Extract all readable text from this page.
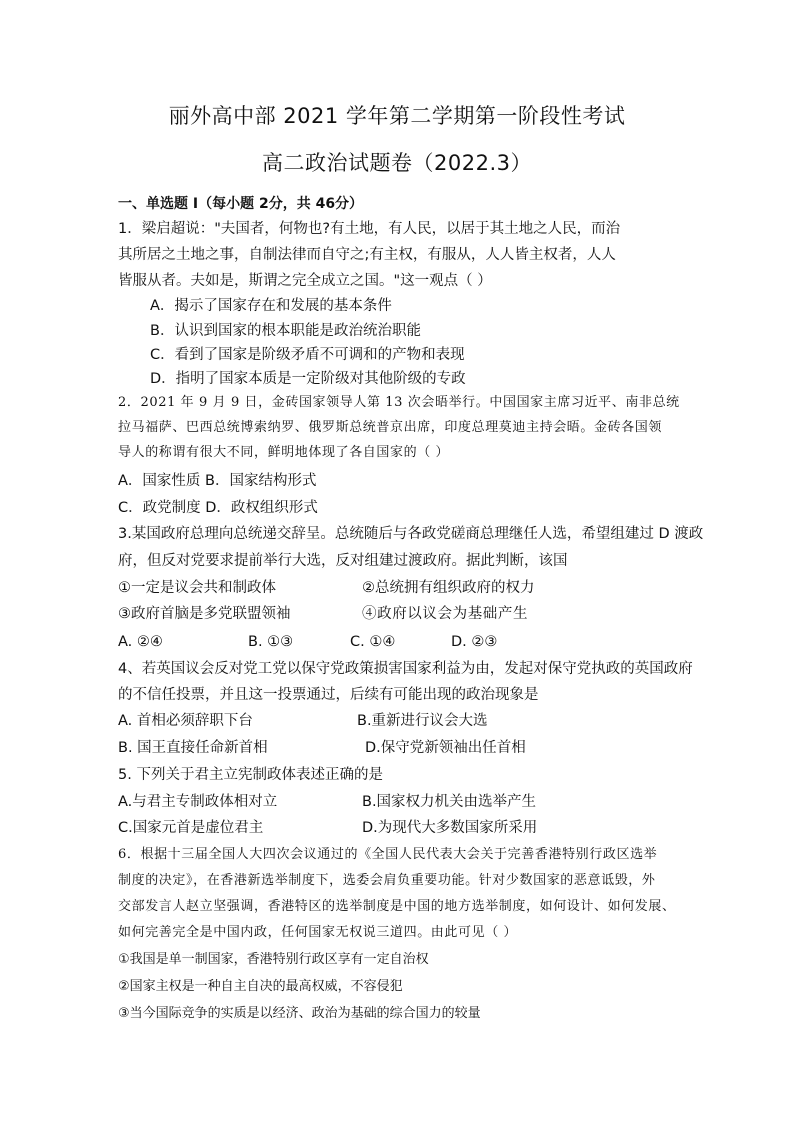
丽外高中部 2021 学年第二学期第一阶段性考试
高二政治试题卷（2022.3）
一、单选题 I（每小题 2分，共 46分）
1．梁启超说："夫国者，何物也?有土地，有人民，以居于其土地之人民，而治
其所居之土地之事，自制法律而自守之;有主权，有服从，人人皆主权者，人人
皆服从者。夫如是，斯谓之完全成立之国。"这一观点（ ）
A．揭示了国家存在和发展的基本条件
B．认识到国家的根本职能是政治统治职能
C．看到了国家是阶级矛盾不可调和的产物和表现
D．指明了国家本质是一定阶级对其他阶级的专政
2．2021 年 9 月 9 日，金砖国家领导人第 13 次会晤举行。中国国家主席习近平、南非总统
拉马福萨、巴西总统博索纳罗、俄罗斯总统普京出席，印度总理莫迪主持会晤。金砖各国领
导人的称谓有很大不同，鲜明地体现了各自国家的（ ）
A．国家性质 B．国家结构形式
C．政党制度 D．政权组织形式
3.某国政府总理向总统递交辞呈。总统随后与各政党磋商总理继任人选，希望组建过 D 渡政
府，但反对党要求提前举行大选，反对组建过渡政府。据此判断，该国
①一定是议会共和制政体	②总统拥有组织政府的权力
③政府首脑是多党联盟领袖	④政府以议会为基础产生
A. ②④	B. ①③	C. ①④	D. ②③
4、若英国议会反对党工党以保守党政策损害国家利益为由，发起对保守党执政的英国政府
的不信任投票，并且这一投票通过，后续有可能出现的政治现象是
A. 首相必须辞职下台	B.重新进行议会大选
B. 国王直接任命新首相	D.保守党新领袖出任首相
5. 下列关于君主立宪制政体表述正确的是
A.与君主专制政体相对立	B.国家权力机关由选举产生
C.国家元首是虚位君主	D.为现代大多数国家所采用
6．根据十三届全国人大四次会议通过的《全国人民代表大会关于完善香港特别行政区选举
制度的决定》，在香港新选举制度下，选委会肩负重要功能。针对少数国家的恶意诋毁，外
交部发言人赵立坚强调，香港特区的选举制度是中国的地方选举制度，如何设计、如何发展、
如何完善完全是中国内政，任何国家无权说三道四。由此可见（ ）
①我国是单一制国家，香港特别行政区享有一定自治权
②国家主权是一种自主自决的最高权威，不容侵犯
③当今国际竞争的实质是以经济、政治为基础的综合国力的较量
